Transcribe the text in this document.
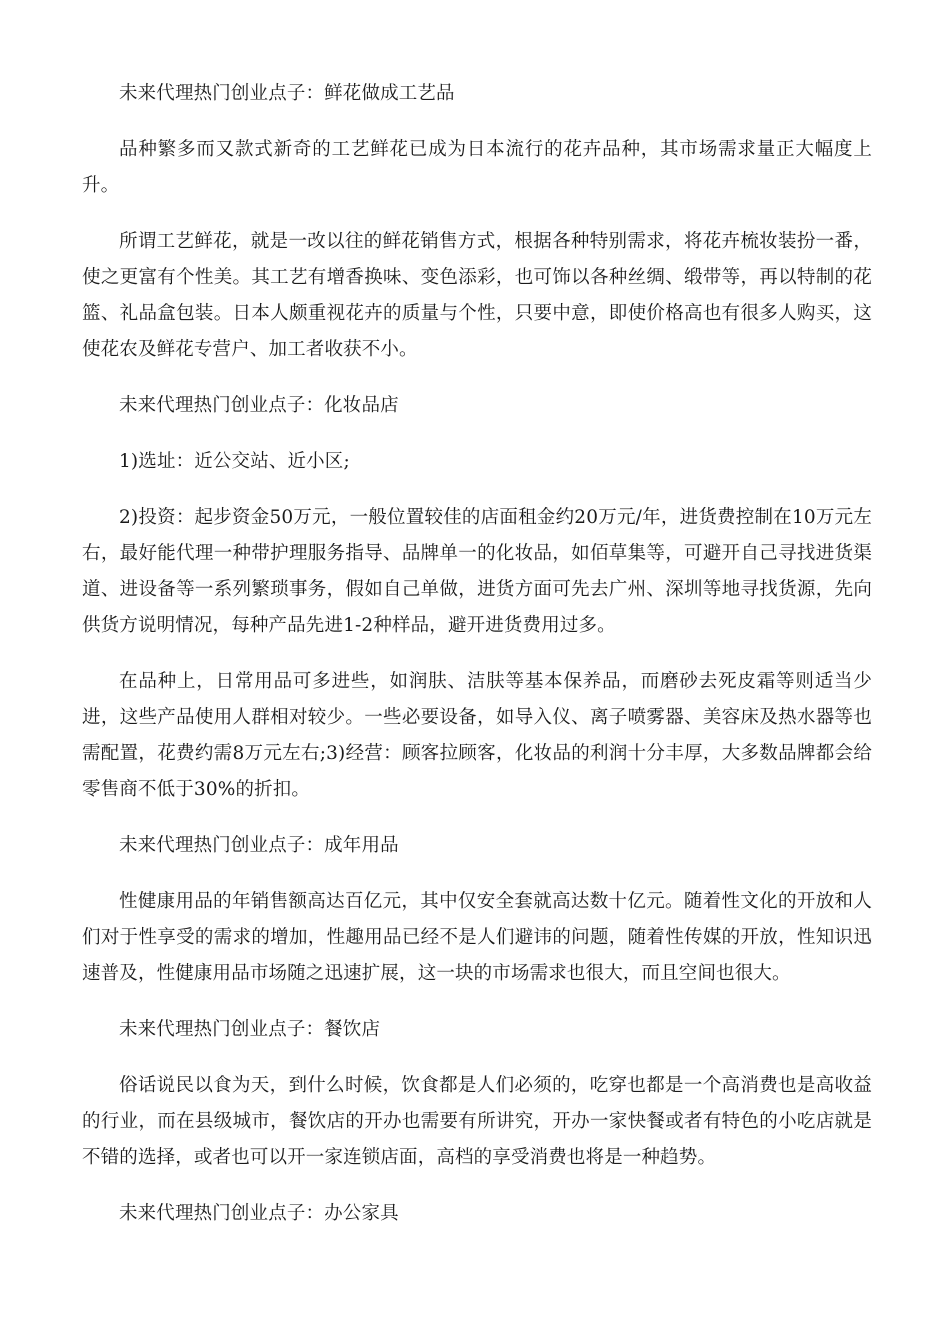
未来代理热门创业点子：鲜花做成工艺品

品种繁多而又款式新奇的工艺鲜花已成为日本流行的花卉品种，其市场需求量正大幅度上升。

所谓工艺鲜花，就是一改以往的鲜花销售方式，根据各种特别需求，将花卉梳妆装扮一番，使之更富有个性美。其工艺有增香换味、变色添彩，也可饰以各种丝绸、缎带等，再以特制的花篮、礼品盒包装。日本人颇重视花卉的质量与个性，只要中意，即使价格高也有很多人购买，这使花农及鲜花专营户、加工者收获不小。

未来代理热门创业点子：化妆品店

1)选址：近公交站、近小区;

2)投资：起步资金50万元，一般位置较佳的店面租金约20万元/年，进货费控制在10万元左右，最好能代理一种带护理服务指导、品牌单一的化妆品，如佰草集等，可避开自己寻找进货渠道、进设备等一系列繁琐事务，假如自己单做，进货方面可先去广州、深圳等地寻找货源，先向供货方说明情况，每种产品先进1-2种样品，避开进货费用过多。

在品种上，日常用品可多进些，如润肤、洁肤等基本保养品，而磨砂去死皮霜等则适当少进，这些产品使用人群相对较少。一些必要设备，如导入仪、离子喷雾器、美容床及热水器等也需配置，花费约需8万元左右;3)经营：顾客拉顾客，化妆品的利润十分丰厚，大多数品牌都会给零售商不低于30%的折扣。

未来代理热门创业点子：成年用品

性健康用品的年销售额高达百亿元，其中仅安全套就高达数十亿元。随着性文化的开放和人们对于性享受的需求的增加，性趣用品已经不是人们避讳的问题，随着性传媒的开放，性知识迅速普及，性健康用品市场随之迅速扩展，这一块的市场需求也很大，而且空间也很大。

未来代理热门创业点子：餐饮店

俗话说民以食为天，到什么时候，饮食都是人们必须的，吃穿也都是一个高消费也是高收益的行业，而在县级城市，餐饮店的开办也需要有所讲究，开办一家快餐或者有特色的小吃店就是不错的选择，或者也可以开一家连锁店面，高档的享受消费也将是一种趋势。

未来代理热门创业点子：办公家具
